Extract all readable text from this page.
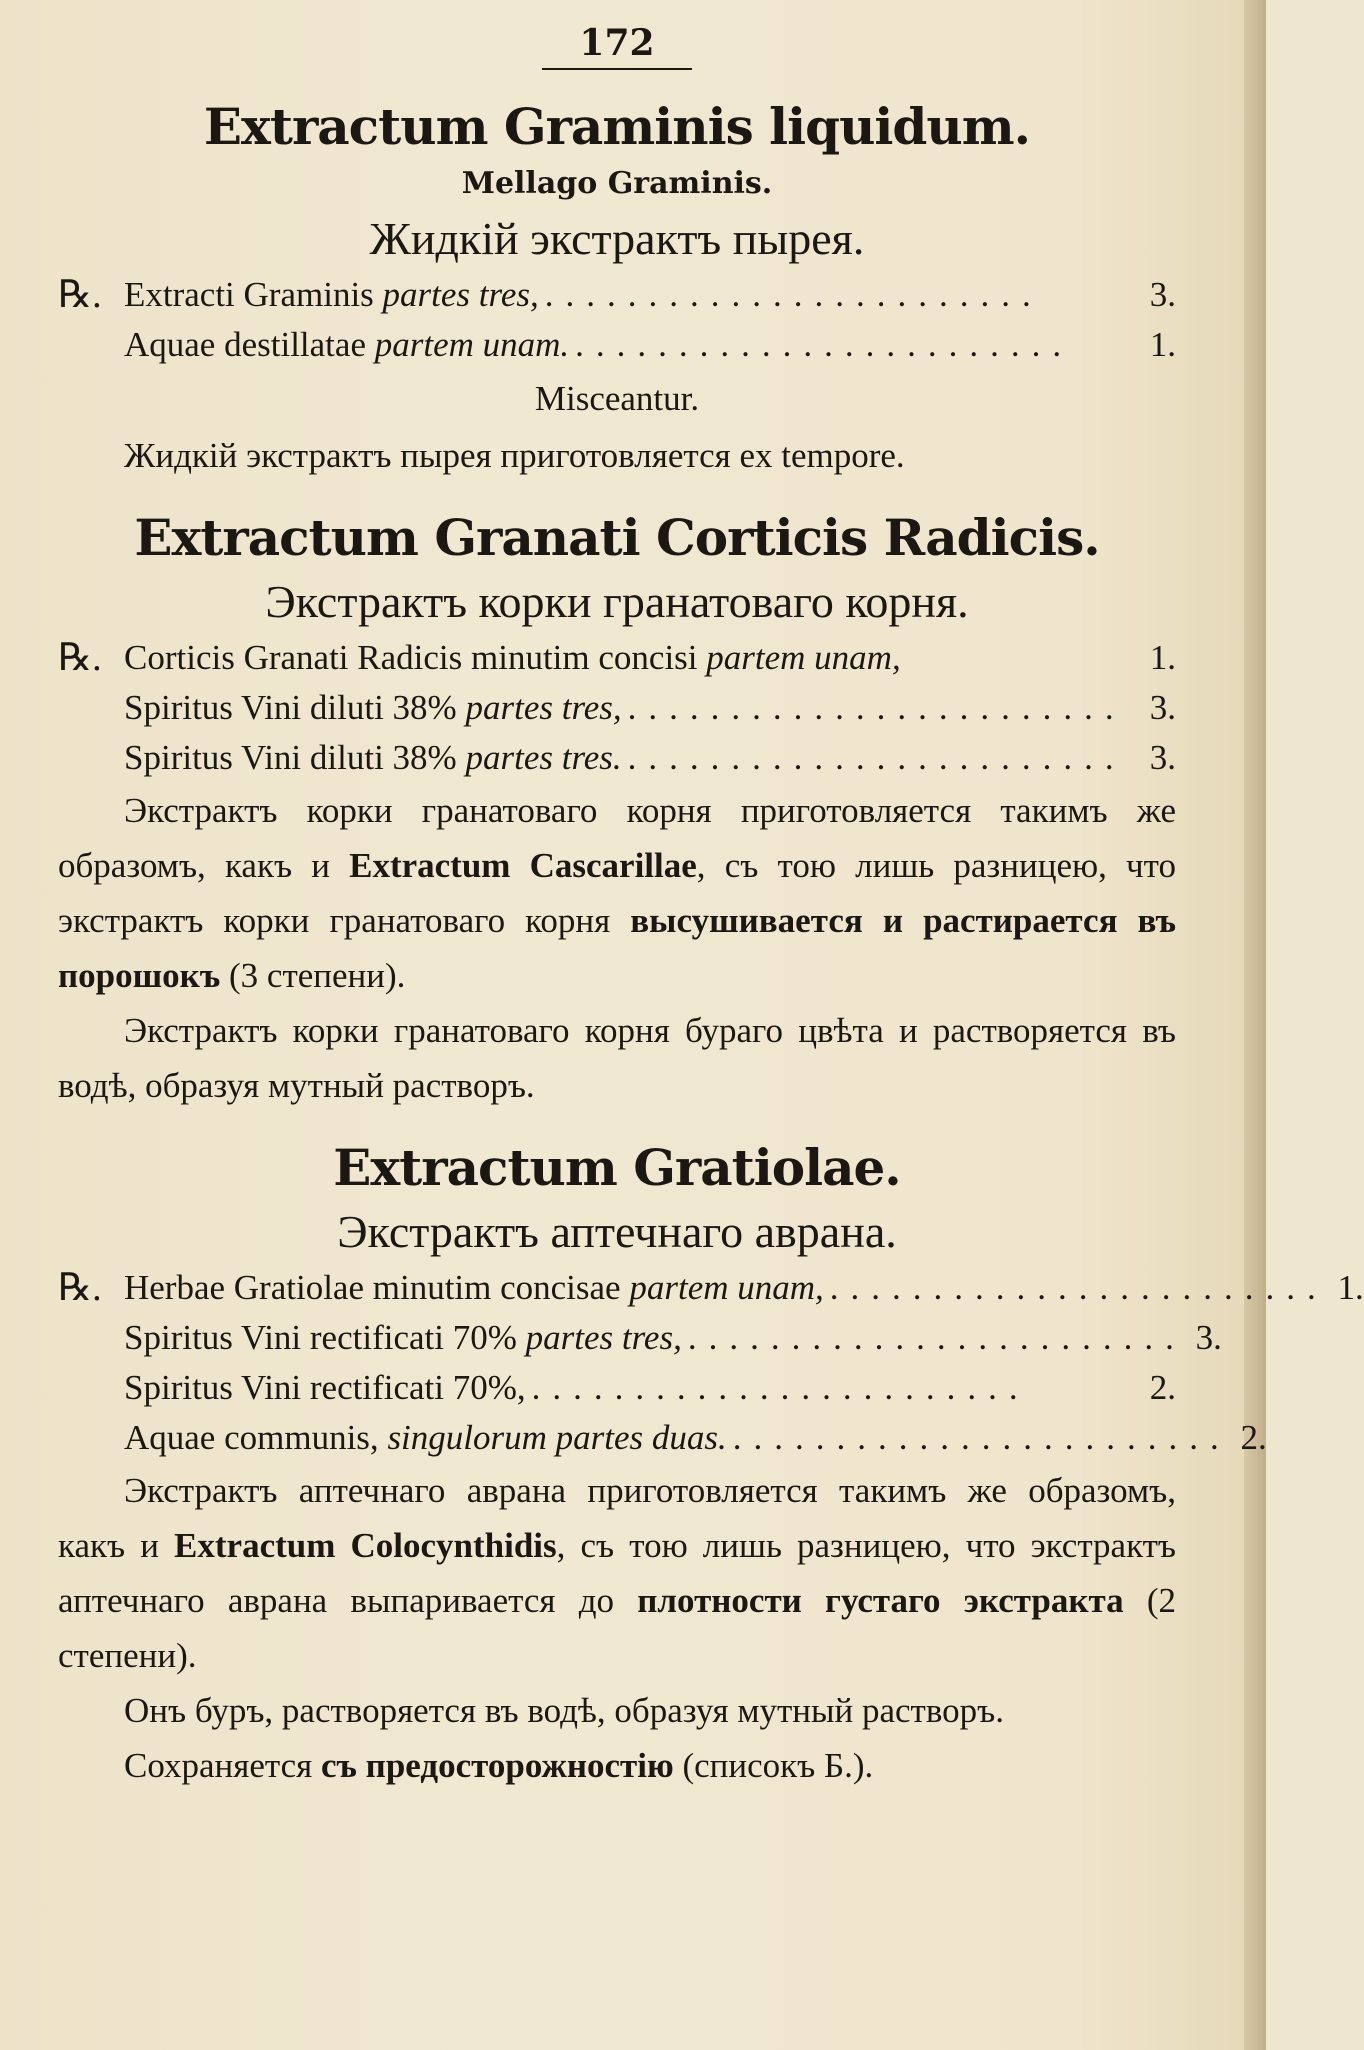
172

Extractum Graminis liquidum.

Mellago Graminis.

Жидкій экстрактъ пырея.

℞. Extracti Graminis partes tres, ........................	3.
Aquae destillatae partem unam. ........................	1.
Misceantur.

Жидкій экстрактъ пырея приготовляется ex tempore.

Extractum Granati Corticis Radicis.

Экстрактъ корки гранатоваго корня.

℞. Corticis Granati Radicis minutim concisi partem unam,	1.
Spiritus Vini diluti 38% partes tres, ........................ 3.
Spiritus Vini diluti 38% partes tres. ........................ 3.

Экстрактъ корки гранатоваго корня приготовляется такимъ же образомъ, какъ и Extractum Cascarillae, съ тою лишь разницею, что экстрактъ корки гранатоваго корня высушивается и растирается въ порошокъ (3 степени).

Экстрактъ корки гранатоваго корня бураго цвѣта и растворяется въ водѣ, образуя мутный растворъ.

Extractum Gratiolae.

Экстрактъ аптечнаго аврана.

℞. Herbae Gratiolae minutim concisae partem unam, ........................ 1.
Spiritus Vini rectificati 70% partes tres, ........................ 3.
Spiritus Vini rectificati 70%, ........................	2.
Aquae communis, singulorum partes duas. ........................ 2.

Экстрактъ аптечнаго аврана приготовляется такимъ же образомъ, какъ и Extractum Colocynthidis, съ тою лишь разницею, что экстрактъ аптечнаго аврана выпаривается до плотности густаго экстракта (2 степени).

Онъ буръ, растворяется въ водѣ, образуя мутный растворъ.

Сохраняется съ предосторожностію (списокъ Б.).
